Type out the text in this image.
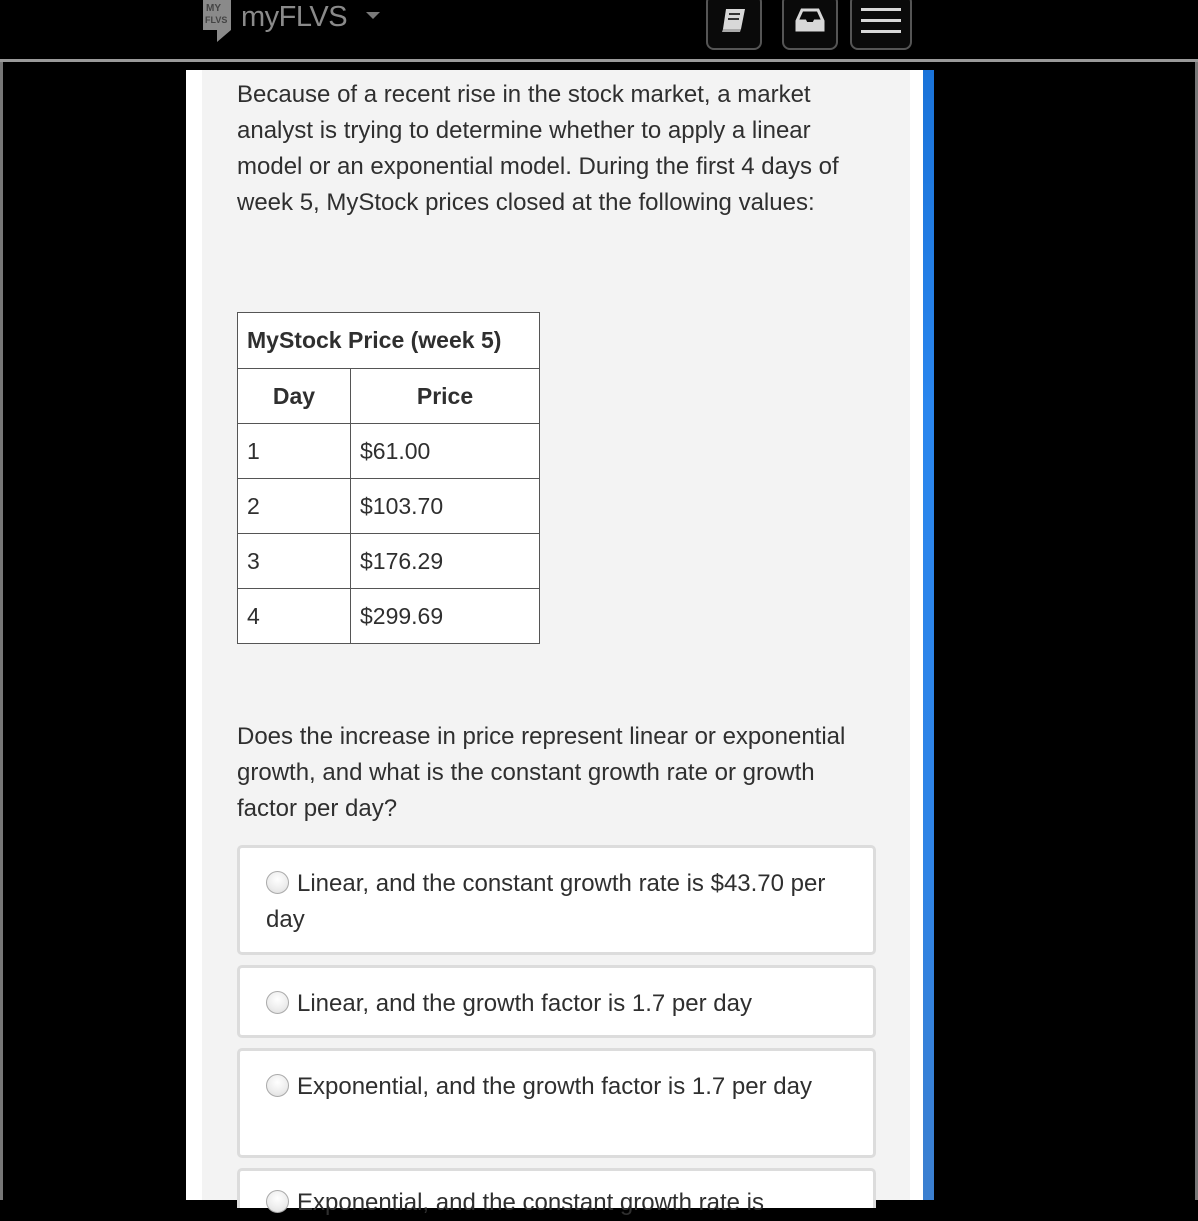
MY
FLVS myFLVS
Because of a recent rise in the stock market, a market analyst is trying to determine whether to apply a linear model or an exponential model. During the first 4 days of week 5, MyStock prices closed at the following values:
MyStock Price (week 5)	
Day	Price
1	$61.00
2	$103.70
3	$176.29
4	$299.69
Does the increase in price represent linear or exponential growth, and what is the constant growth rate or growth factor per day?
Linear, and the constant growth rate is $43.70 per day
Linear, and the growth factor is 1.7 per day
Exponential, and the growth factor is 1.7 per day
Exponential, and the constant growth rate is
